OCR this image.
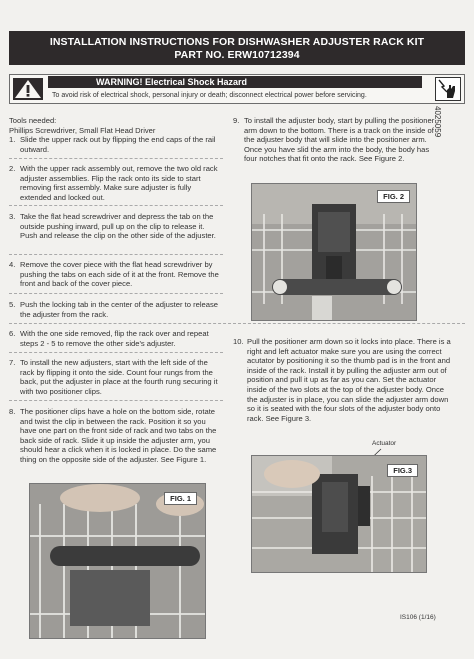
INSTALLATION INSTRUCTIONS FOR DISHWASHER ADJUSTER RACK KIT
PART NO. ERW10712394
WARNING! Electrical Shock Hazard
To avoid risk of electrical shock, personal injury or death; disconnect electrical power before servicing.
4025059

Tools needed:

Phillips Screwdriver, Small Flat Head Driver

1. Slide the upper rack out by flipping the end caps of the rail outward.

2. With the upper rack assembly out, remove the two old rack adjuster assemblies. Flip the rack onto its side to start removing first assembly. Make sure adjuster is fully extended and locked out.

3. Take the flat head screwdriver and depress the tab on the outside pushing inward, pull up on the clip to release it. Push and release the clip on the other side of the adjuster.

4. Remove the cover piece with the flat head screwdriver by pushing the tabs on each side of it at the front. Remove the front and back of the cover piece.

5. Push the locking tab in the center of the adjuster to release the adjuster from the rack.

6. With the one side removed, flip the rack over and repeat steps 2 - 5 to remove the other side's adjuster.

7. To install the new adjusters, start with the left side of the rack by flipping it onto the side. Count four rungs from the back, put the adjuster in place at the fourth rung securing it with two positioner clips.

8. The positioner clips have a hole on the bottom side, rotate and twist the clip in between the rack. Position it so you have one part on the front side of rack and two tabs on the back side of rack. Slide it up inside the adjuster arm, you should hear a click when it is locked in place. Do the same thing on the opposite side of the adjuster. See Figure 1.

9. To install the adjuster body, start by pulling the positioner arm down to the bottom. There is a track on the inside of the adjuster body that will slide into the positioner arm. Once you have slid the arm into the body, the body has four notches that fit onto the rack. See Figure 2.

10. Pull the positioner arm down so it locks into place. There is a right and left actuator make sure you are using the correct acutator by positioning it so the thumb pad is in the front and inside of the rack. Install it by pulling the adjuster arm out of position and pull it up as far as you can. Set the actuator inside of the two slots at the top of the adjuster body. Once the adjuster is in place, you can slide the adjuster arm down so it is seated with the four slots of the adjuster body onto rack. See Figure 3.

FIG. 2
Actuator
FIG.3
FIG. 1
IS106 (1/16)
